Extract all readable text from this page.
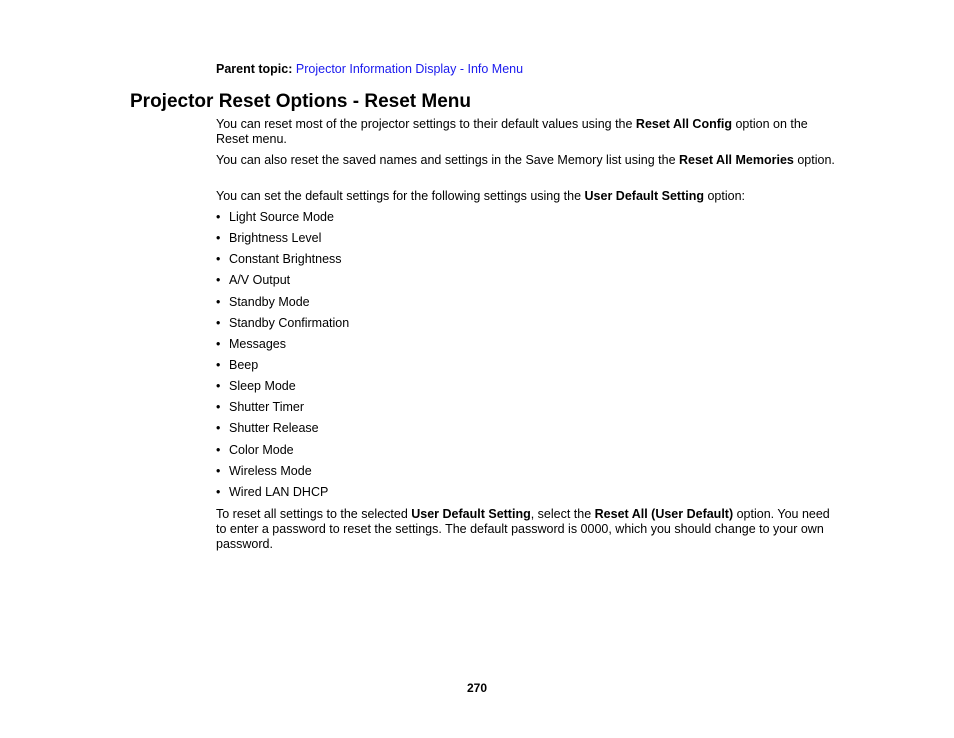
Parent topic: Projector Information Display - Info Menu
Projector Reset Options - Reset Menu
You can reset most of the projector settings to their default values using the Reset All Config option on the Reset menu.
You can also reset the saved names and settings in the Save Memory list using the Reset All Memories option.
You can set the default settings for the following settings using the User Default Setting option:
• Light Source Mode
• Brightness Level
• Constant Brightness
• A/V Output
• Standby Mode
• Standby Confirmation
• Messages
• Beep
• Sleep Mode
• Shutter Timer
• Shutter Release
• Color Mode
• Wireless Mode
• Wired LAN DHCP
To reset all settings to the selected User Default Setting, select the Reset All (User Default) option. You need to enter a password to reset the settings. The default password is 0000, which you should change to your own password.
270
